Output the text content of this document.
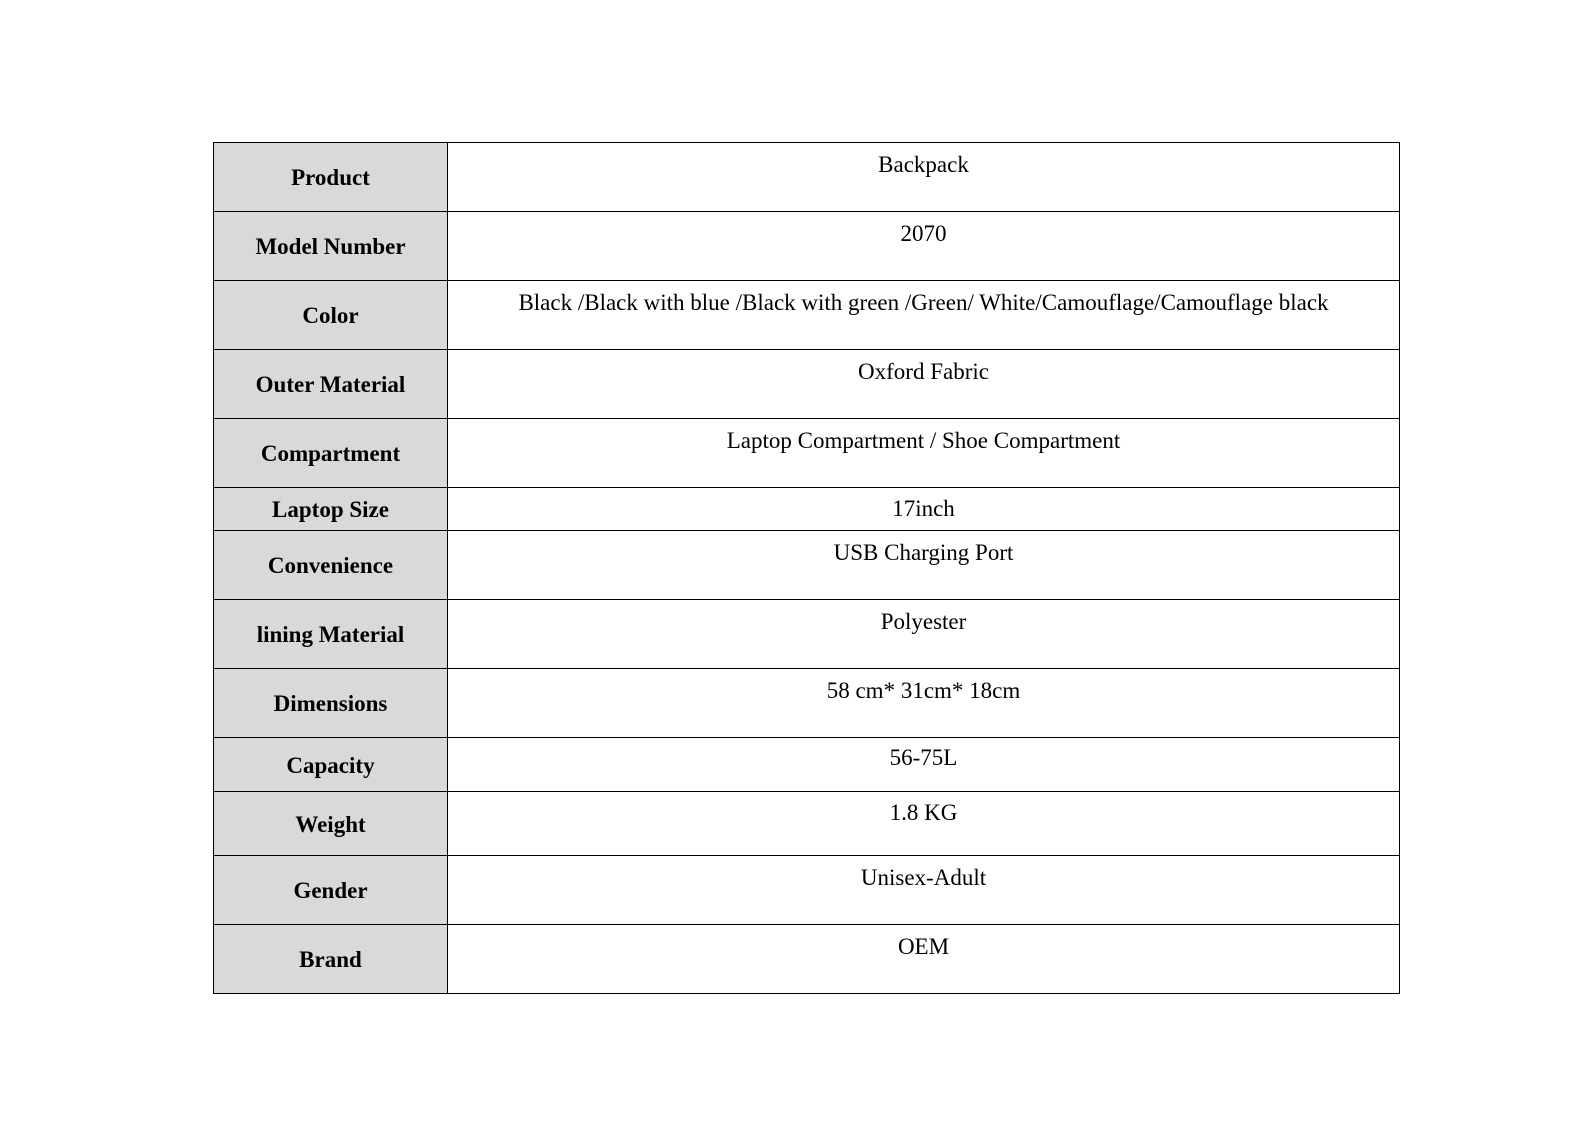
Product	Backpack
Model Number	2070
Color	Black /Black with blue /Black with green /Green/ White/Camouflage/Camouflage black
Outer Material	Oxford Fabric
Compartment	Laptop Compartment / Shoe Compartment
Laptop Size	17inch
Convenience	USB Charging Port
lining Material	Polyester
Dimensions	58 cm* 31cm* 18cm
Capacity	56-75L
Weight	1.8 KG
Gender	Unisex-Adult
Brand	OEM
